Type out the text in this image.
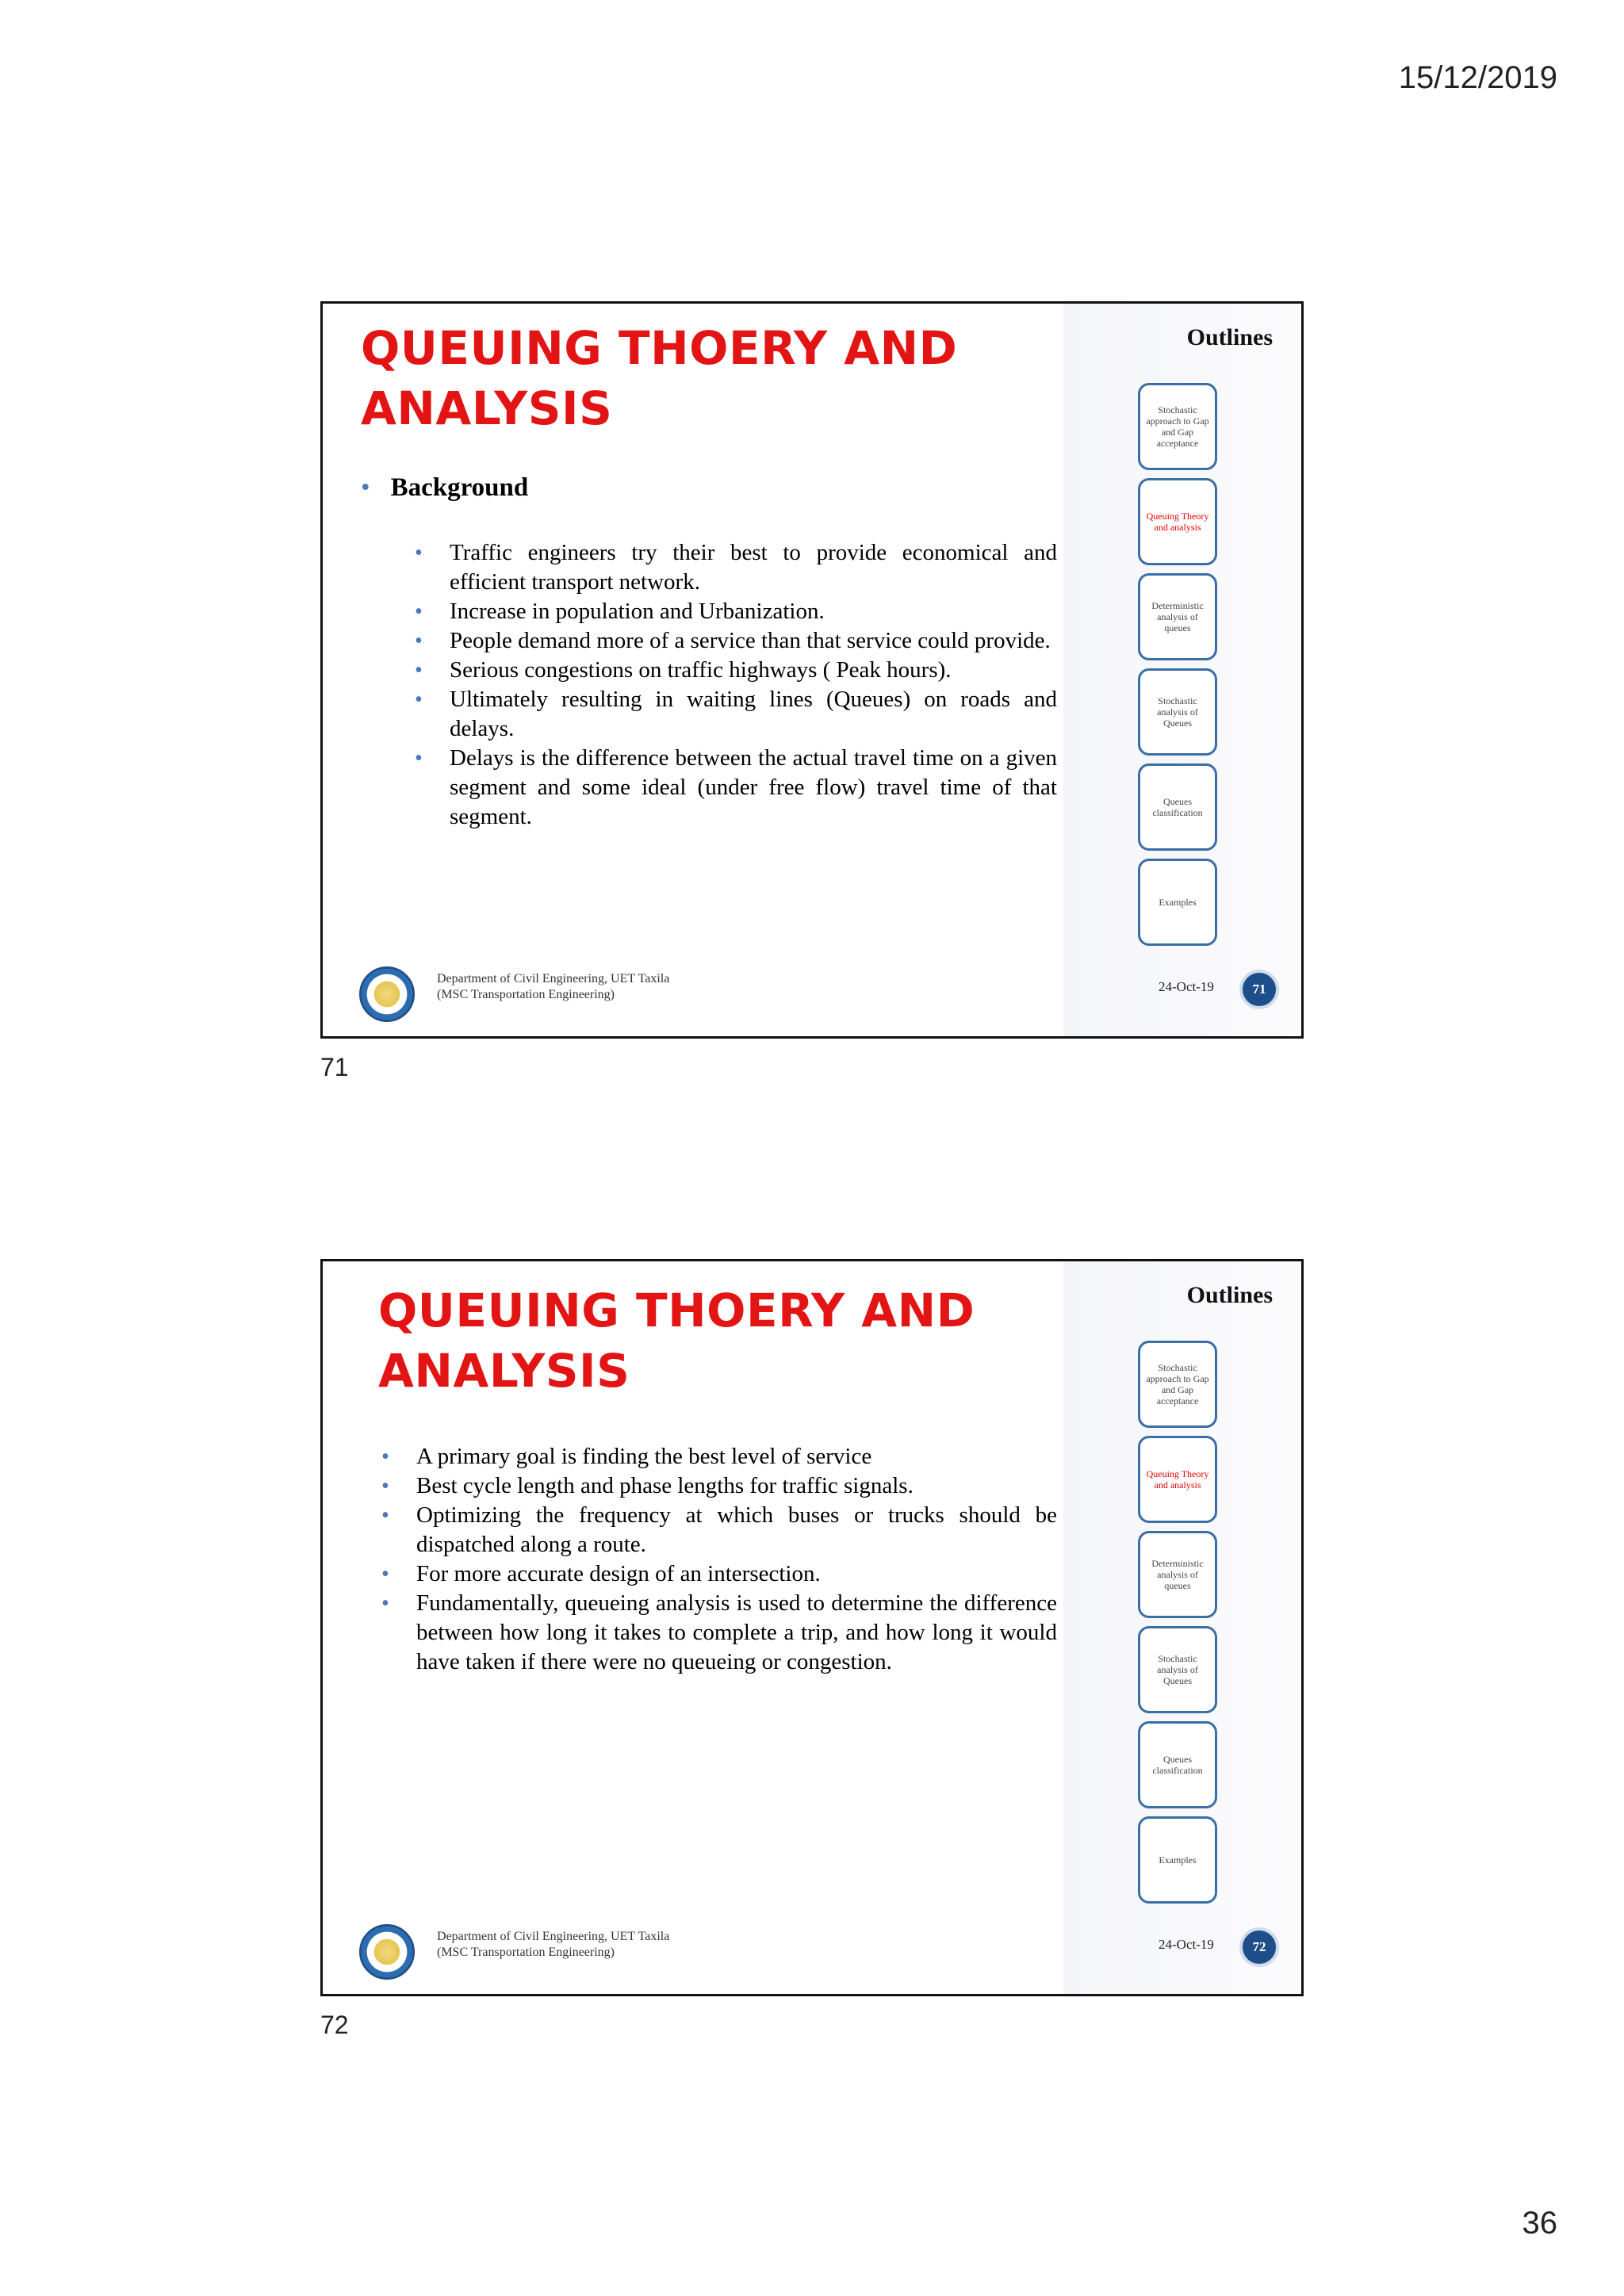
15/12/2019
Outlines
Stochastic approach to Gap and Gap acceptance
Queuing Theory and analysis
Deterministic analysis of queues
Stochastic analysis of Queues
Queues classification
Examples
QUEUING THOERY AND
ANALYSIS
• Background
• Traffic engineers try their best to provide economical and efficient transport network.
• Increase in population and Urbanization.
• People demand more of a service than that service could provide.
• Serious congestions on traffic highways ( Peak hours).
• Ultimately resulting in waiting lines (Queues) on roads and delays.
• Delays is the difference between the actual travel time on a given segment and some ideal (under free flow) travel time of that segment.
Department of Civil Engineering, UET Taxila
(MSC Transportation Engineering)
24-Oct-19	71
71
Outlines
Stochastic approach to Gap and Gap acceptance
Queuing Theory and analysis
Deterministic analysis of queues
Stochastic analysis of Queues
Queues classification
Examples
QUEUING THOERY AND
ANALYSIS
• A primary goal is finding the best level of service
• Best cycle length and phase lengths for traffic signals.
• Optimizing the frequency at which buses or trucks should be dispatched along a route.
• For more accurate design of an intersection.
• Fundamentally, queueing analysis is used to determine the difference between how long it takes to complete a trip, and how long it would have taken if there were no queueing or congestion.
Department of Civil Engineering, UET Taxila
(MSC Transportation Engineering)
24-Oct-19	72
72
36
